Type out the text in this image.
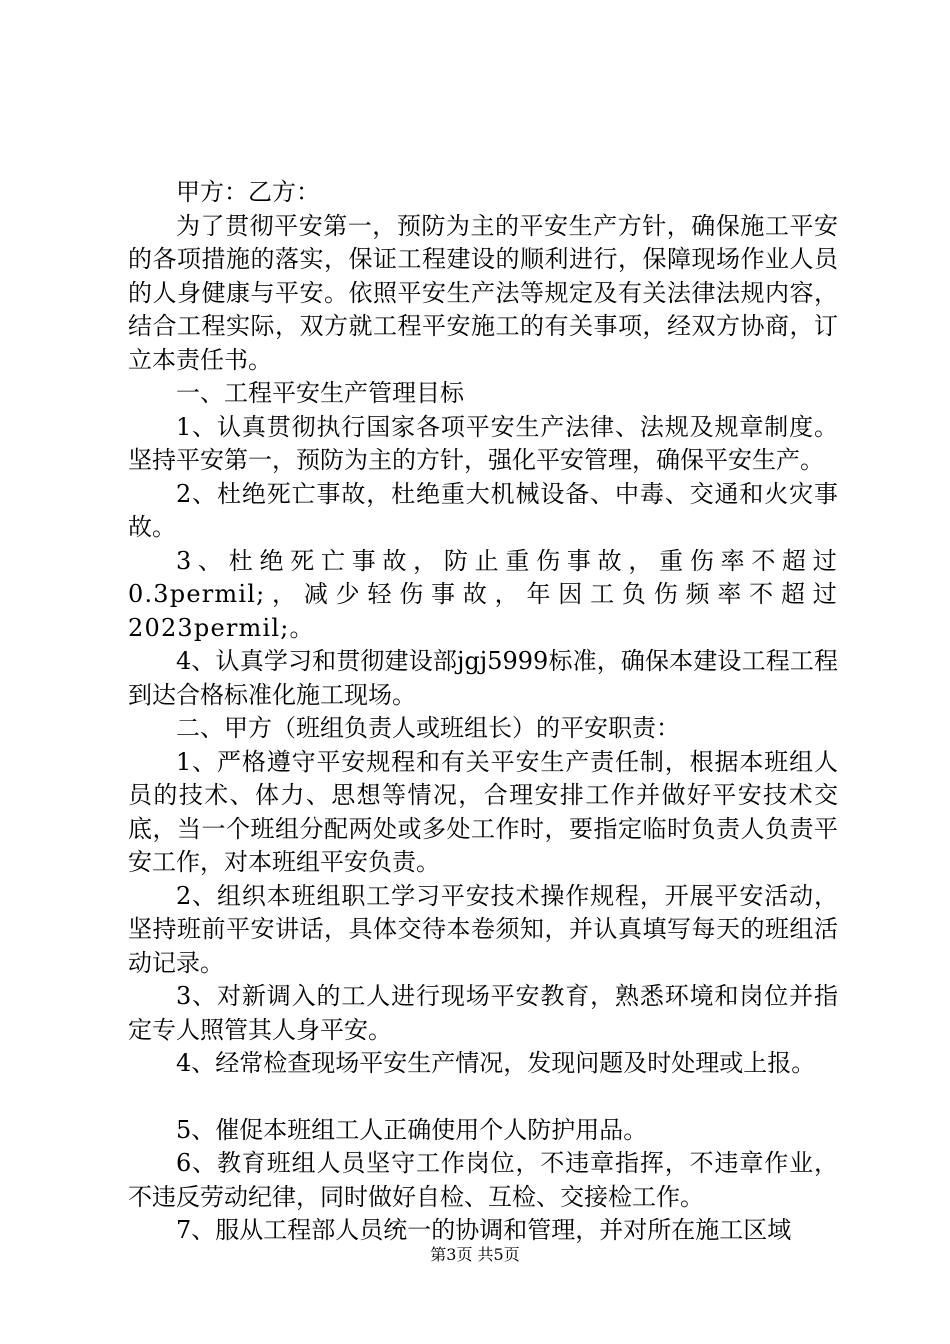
甲方：乙方：

为了贯彻平安第一，预防为主的平安生产方针，确保施工平安的各项措施的落实，保证工程建设的顺利进行，保障现场作业人员的人身健康与平安。依照平安生产法等规定及有关法律法规内容，结合工程实际，双方就工程平安施工的有关事项，经双方协商，订立本责任书。

一、工程平安生产管理目标

1、认真贯彻执行国家各项平安生产法律、法规及规章制度。坚持平安第一，预防为主的方针，强化平安管理，确保平安生产。

2、杜绝死亡事故，杜绝重大机械设备、中毒、交通和火灾事故。

3、杜绝死亡事故，防止重伤事故，重伤率不超过0.3permil;，减少轻伤事故，年因工负伤频率不超过2023permil;。

4、认真学习和贯彻建设部jgj5999标准，确保本建设工程工程到达合格标准化施工现场。

二、甲方（班组负责人或班组长）的平安职责：

1、严格遵守平安规程和有关平安生产责任制，根据本班组人员的技术、体力、思想等情况，合理安排工作并做好平安技术交底，当一个班组分配两处或多处工作时，要指定临时负责人负责平安工作，对本班组平安负责。

2、组织本班组职工学习平安技术操作规程，开展平安活动，坚持班前平安讲话，具体交待本卷须知，并认真填写每天的班组活动记录。

3、对新调入的工人进行现场平安教育，熟悉环境和岗位并指定专人照管其人身平安。

4、经常检查现场平安生产情况，发现问题及时处理或上报。

5、催促本班组工人正确使用个人防护用品。

6、教育班组人员坚守工作岗位，不违章指挥，不违章作业，不违反劳动纪律，同时做好自检、互检、交接检工作。

7、服从工程部人员统一的协调和管理，并对所在施工区域

第3页 共5页
